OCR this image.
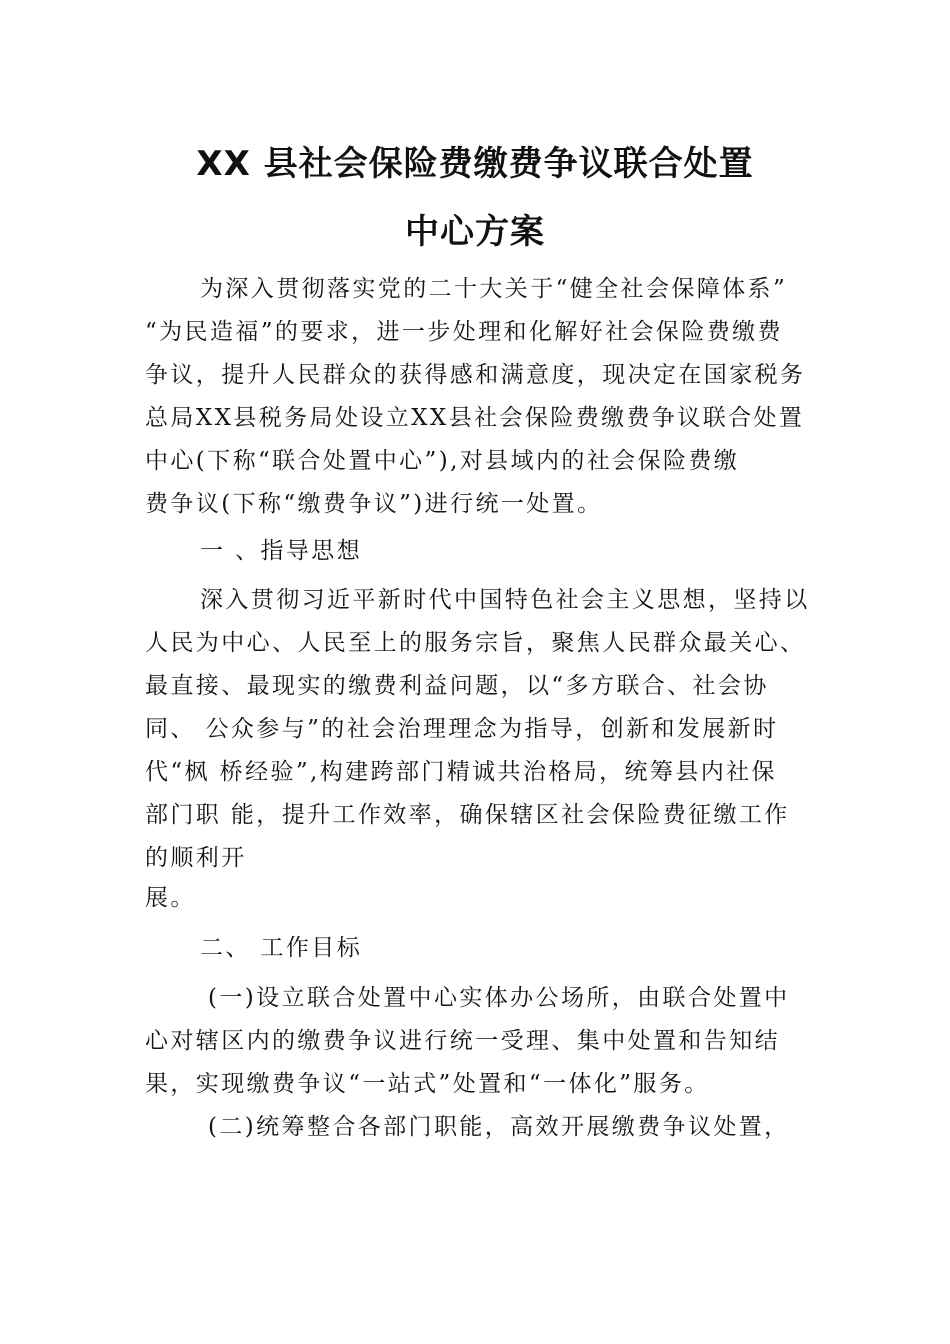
XX 县社会保险费缴费争议联合处置
中心方案
为深入贯彻落实党的二十大关于“健全社会保障体系”
“为民造福”的要求，进一步处理和化解好社会保险费缴费
争议，提升人民群众的获得感和满意度，现决定在国家税务
总局XX县税务局处设立XX县社会保险费缴费争议联合处置
中心(下称“联合处置中心”),对县域内的社会保险费缴
费争议(下称“缴费争议”)进行统一处置。
一 、指导思想
深入贯彻习近平新时代中国特色社会主义思想，坚持以
人民为中心、人民至上的服务宗旨，聚焦人民群众最关心、
最直接、最现实的缴费利益问题，以“多方联合、社会协
同、 公众参与”的社会治理理念为指导，创新和发展新时
代“枫 桥经验”,构建跨部门精诚共治格局，统筹县内社保
部门职 能，提升工作效率，确保辖区社会保险费征缴工作
的顺利开
展。
二、 工作目标
(一)设立联合处置中心实体办公场所，由联合处置中
心对辖区内的缴费争议进行统一受理、集中处置和告知结
果，实现缴费争议“一站式”处置和“一体化”服务。
(二)统筹整合各部门职能，高效开展缴费争议处置，
